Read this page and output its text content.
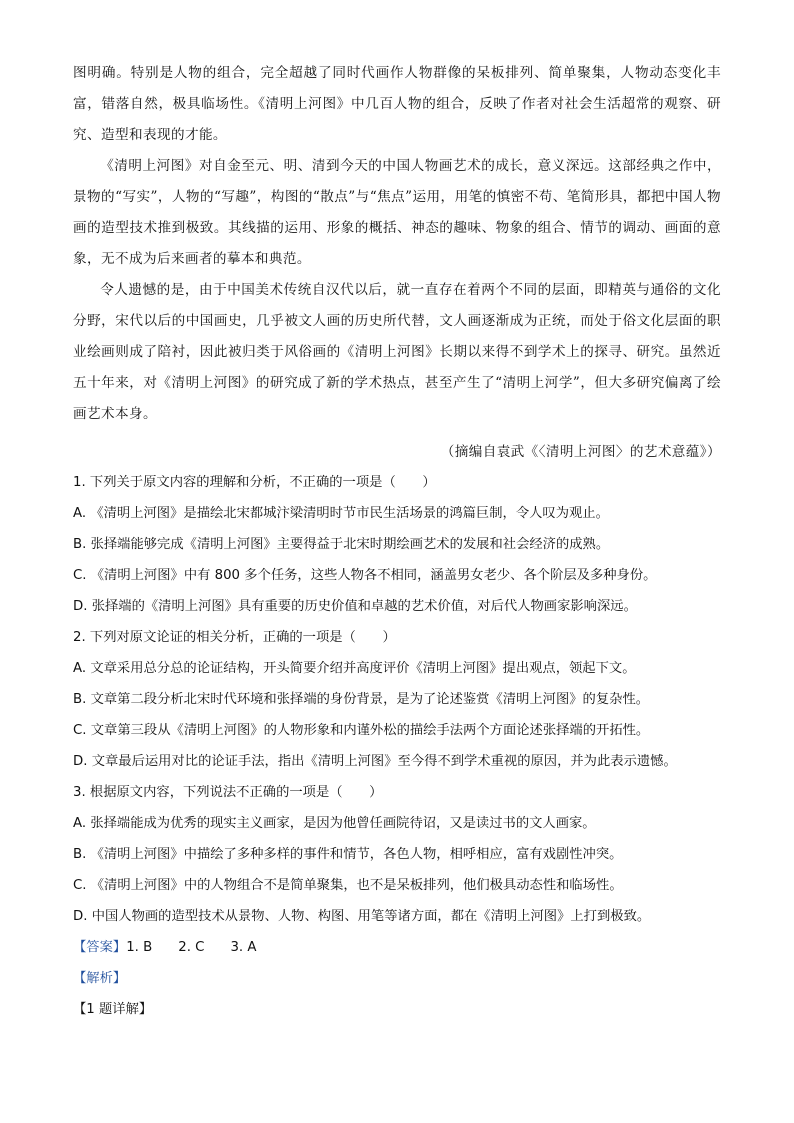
图明确。特别是人物的组合，完全超越了同时代画作人物群像的呆板排列、简单聚集，人物动态变化丰富，错落自然，极具临场性。《清明上河图》中几百人物的组合，反映了作者对社会生活超常的观察、研究、造型和表现的才能。

《清明上河图》对自金至元、明、清到今天的中国人物画艺术的成长，意义深远。这部经典之作中，景物的“写实”，人物的“写趣”，构图的“散点”与“焦点”运用，用笔的慎密不苟、笔简形具，都把中国人物画的造型技术推到极致。其线描的运用、形象的概括、神态的趣味、物象的组合、情节的调动、画面的意象，无不成为后来画者的摹本和典范。

令人遗憾的是，由于中国美术传统自汉代以后，就一直存在着两个不同的层面，即精英与通俗的文化分野，宋代以后的中国画史，几乎被文人画的历史所代替，文人画逐渐成为正统，而处于俗文化层面的职业绘画则成了陪衬，因此被归类于风俗画的《清明上河图》长期以来得不到学术上的探寻、研究。虽然近五十年来，对《清明上河图》的研究成了新的学术热点，甚至产生了“清明上河学”，但大多研究偏离了绘画艺术本身。

（摘编自袁武《〈清明上河图〉的艺术意蕴》）
1. 下列关于原文内容的理解和分析，不正确的一项是（　　）
A. 《清明上河图》是描绘北宋都城汴梁清明时节市民生活场景的鸿篇巨制，令人叹为观止。
B. 张择端能够完成《清明上河图》主要得益于北宋时期绘画艺术的发展和社会经济的成熟。
C. 《清明上河图》中有 800 多个任务，这些人物各不相同，涵盖男女老少、各个阶层及多种身份。
D. 张择端的《清明上河图》具有重要的历史价值和卓越的艺术价值，对后代人物画家影响深远。
2. 下列对原文论证的相关分析，正确的一项是（　　）
A. 文章采用总分总的论证结构，开头简要介绍并高度评价《清明上河图》提出观点，领起下文。
B. 文章第二段分析北宋时代环境和张择端的身份背景，是为了论述鉴赏《清明上河图》的复杂性。
C. 文章第三段从《清明上河图》的人物形象和内谨外松的描绘手法两个方面论述张择端的开拓性。
D. 文章最后运用对比的论证手法，指出《清明上河图》至今得不到学术重视的原因，并为此表示遗憾。
3. 根据原文内容，下列说法不正确的一项是（　　）
A. 张择端能成为优秀的现实主义画家，是因为他曾任画院待诏，又是读过书的文人画家。
B. 《清明上河图》中描绘了多种多样的事件和情节，各色人物，相呼相应，富有戏剧性冲突。
C. 《清明上河图》中的人物组合不是简单聚集，也不是呆板排列，他们极具动态性和临场性。
D. 中国人物画的造型技术从景物、人物、构图、用笔等诸方面，都在《清明上河图》上打到极致。
【答案】 1. B 2. C 3. A
【解析】
【1 题详解】
